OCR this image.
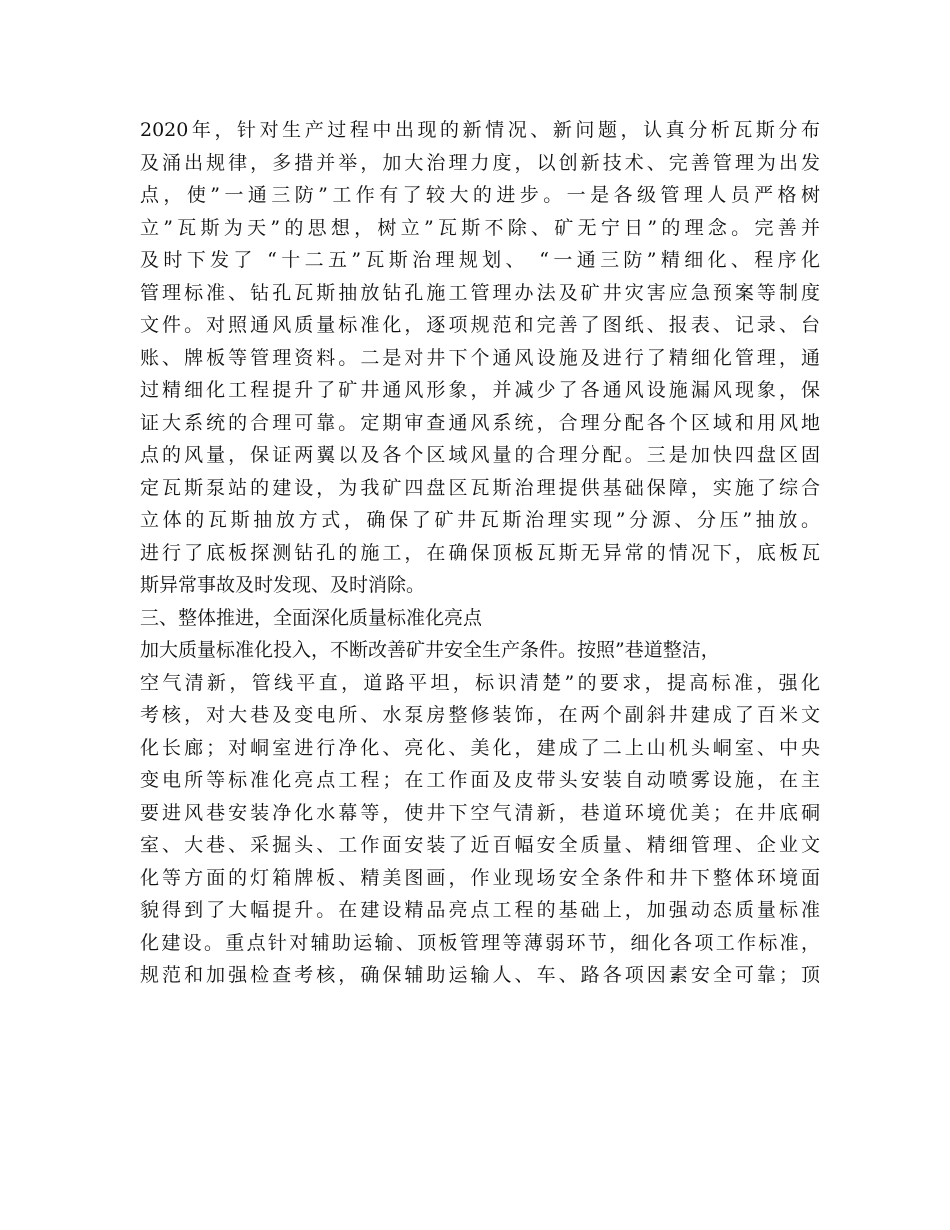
2020年，针对生产过程中出现的新情况、新问题，认真分析瓦斯分布
及涌出规律，多措并举，加大治理力度，以创新技术、完善管理为出发
点，使”一通三防”工作有了较大的进步。一是各级管理人员严格树
立”瓦斯为天”的思想，树立”瓦斯不除、矿无宁日”的理念。完善并
及时下发了 “十二五”瓦斯治理规划、 “一通三防”精细化、程序化
管理标准、钻孔瓦斯抽放钻孔施工管理办法及矿井灾害应急预案等制度
文件。对照通风质量标准化，逐项规范和完善了图纸、报表、记录、台
账、牌板等管理资料。二是对井下个通风设施及进行了精细化管理，通
过精细化工程提升了矿井通风形象，并减少了各通风设施漏风现象，保
证大系统的合理可靠。定期审查通风系统，合理分配各个区域和用风地
点的风量，保证两翼以及各个区域风量的合理分配。三是加快四盘区固
定瓦斯泵站的建设，为我矿四盘区瓦斯治理提供基础保障，实施了综合
立体的瓦斯抽放方式，确保了矿井瓦斯治理实现”分源、分压”抽放。
进行了底板探测钻孔的施工，在确保顶板瓦斯无异常的情况下，底板瓦
斯异常事故及时发现、及时消除。
三、整体推进，全面深化质量标准化亮点
加大质量标准化投入，不断改善矿井安全生产条件。按照”巷道整洁，
空气清新，管线平直，道路平坦，标识清楚”的要求，提高标准，强化
考核，对大巷及变电所、水泵房整修装饰，在两个副斜井建成了百米文
化长廊；对峒室进行净化、亮化、美化，建成了二上山机头峒室、中央
变电所等标准化亮点工程；在工作面及皮带头安装自动喷雾设施，在主
要进风巷安装净化水幕等，使井下空气清新，巷道环境优美；在井底硐
室、大巷、采掘头、工作面安装了近百幅安全质量、精细管理、企业文
化等方面的灯箱牌板、精美图画，作业现场安全条件和井下整体环境面
貌得到了大幅提升。在建设精品亮点工程的基础上，加强动态质量标准
化建设。重点针对辅助运输、顶板管理等薄弱环节，细化各项工作标准，
规范和加强检查考核，确保辅助运输人、车、路各项因素安全可靠；顶
